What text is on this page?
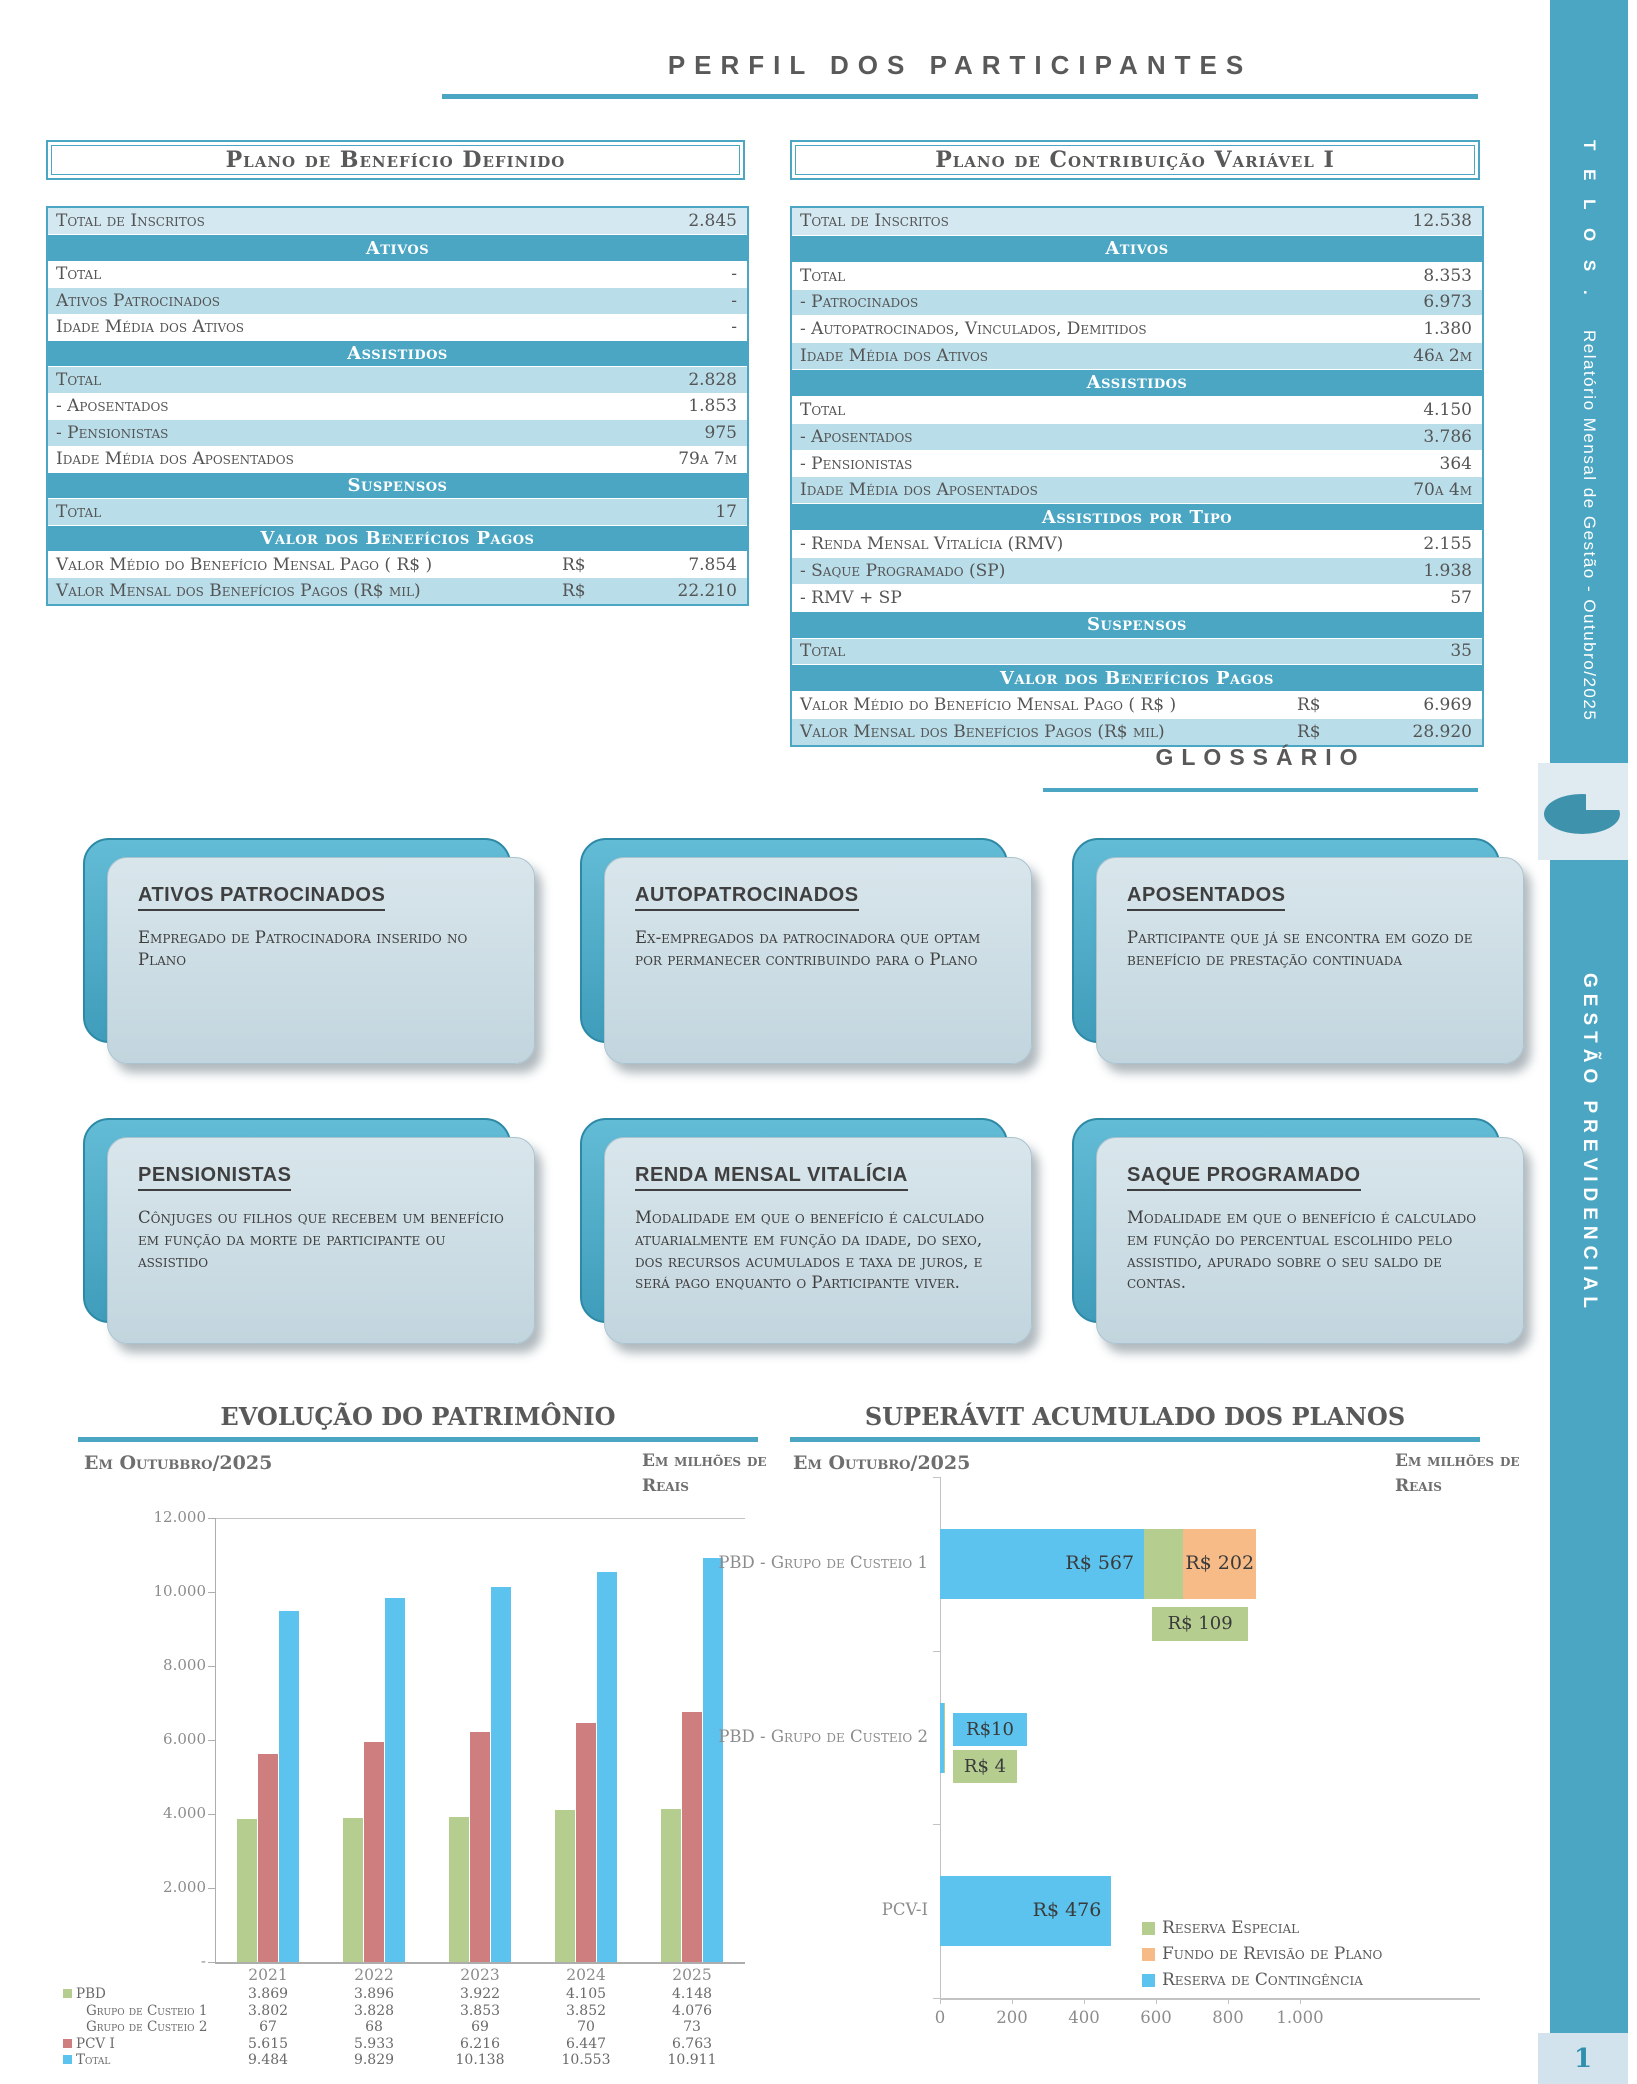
PERFIL DOS PARTICIPANTES
Plano de Benefício Definido	Plano de Contribuição Variável I
Total de Inscritos	2.845
Ativos
Total	-
Ativos Patrocinados	-
Idade Média dos Ativos	-
Assistidos
Total	2.828
- Aposentados	1.853
- Pensionistas	975
Idade Média dos Aposentados	79a 7m
Suspensos
Total	17
Valor dos Benefícios Pagos
Valor Médio do Benefício Mensal Pago ( R$ )	R$	7.854
Valor Mensal dos Benefícios Pagos (R$ mil)	R$	22.210
Total de Inscritos	12.538
Ativos
Total	8.353
- Patrocinados	6.973
- Autopatrocinados, Vinculados, Demitidos	1.380
Idade Média dos Ativos	46a 2m
Assistidos
Total	4.150
- Aposentados	3.786
- Pensionistas	364
Idade Média dos Aposentados	70a 4m
Assistidos por Tipo
- Renda Mensal Vitalícia (RMV)	2.155
- Saque Programado (SP)	1.938
- RMV + SP	57
Suspensos
Total	35
Valor dos Benefícios Pagos
Valor Médio do Benefício Mensal Pago ( R$ )	R$	6.969
Valor Mensal dos Benefícios Pagos (R$ mil)	R$	28.920
GLOSSÁRIO
ATIVOS PATROCINADOS
Empregado de Patrocinadora inserido no Plano
AUTOPATROCINADOS
Ex-empregados da patrocinadora que optam por permanecer contribuindo para o Plano
APOSENTADOS
Participante que já se encontra em gozo de benefício de prestação continuada
PENSIONISTAS
Cônjuges ou filhos que recebem um benefício em função da morte de participante ou assistido
RENDA MENSAL VITALÍCIA
Modalidade em que o benefício é calculado atuarialmente em função da idade, do sexo, dos recursos acumulados e taxa de juros, e será pago enquanto o Participante viver.
SAQUE PROGRAMADO
Modalidade em que o benefício é calculado em função do percentual escolhido pelo assistido, apurado sobre o seu saldo de contas.
EVOLUÇÃO DO PATRIMÔNIO
Em Outubbro/2025	Em milhões de
Reais
12.000
10.000
8.000
6.000
4.000
2.000
-
2021	2022	2023	2024	2025
PBD	3.869	3.896	3.922	4.105	4.148
Grupo de Custeio 1	3.802	3.828	3.853	3.852	4.076
Grupo de Custeio 2	67	68	69	70	73
PCV I	5.615	5.933	6.216	6.447	6.763
Total	9.484	9.829	10.138	10.553	10.911
SUPERÁVIT ACUMULADO DOS PLANOS
Em Outubro/2025	Em milhões de
Reais
0	200	400	600	800	1.000
PBD - Grupo de Custeio 1	R$ 567
R$ 109
R$ 202
PBD - Grupo de Custeio 2	R$10
R$ 4
PCV-I	R$ 476
Reserva Especial
Fundo de Revisão de Plano
Reserva de Contingência
T E L O S .Relatório Mensal de Gestão - Outubro/2025
GESTÃO PREVIDENCIAL
1
